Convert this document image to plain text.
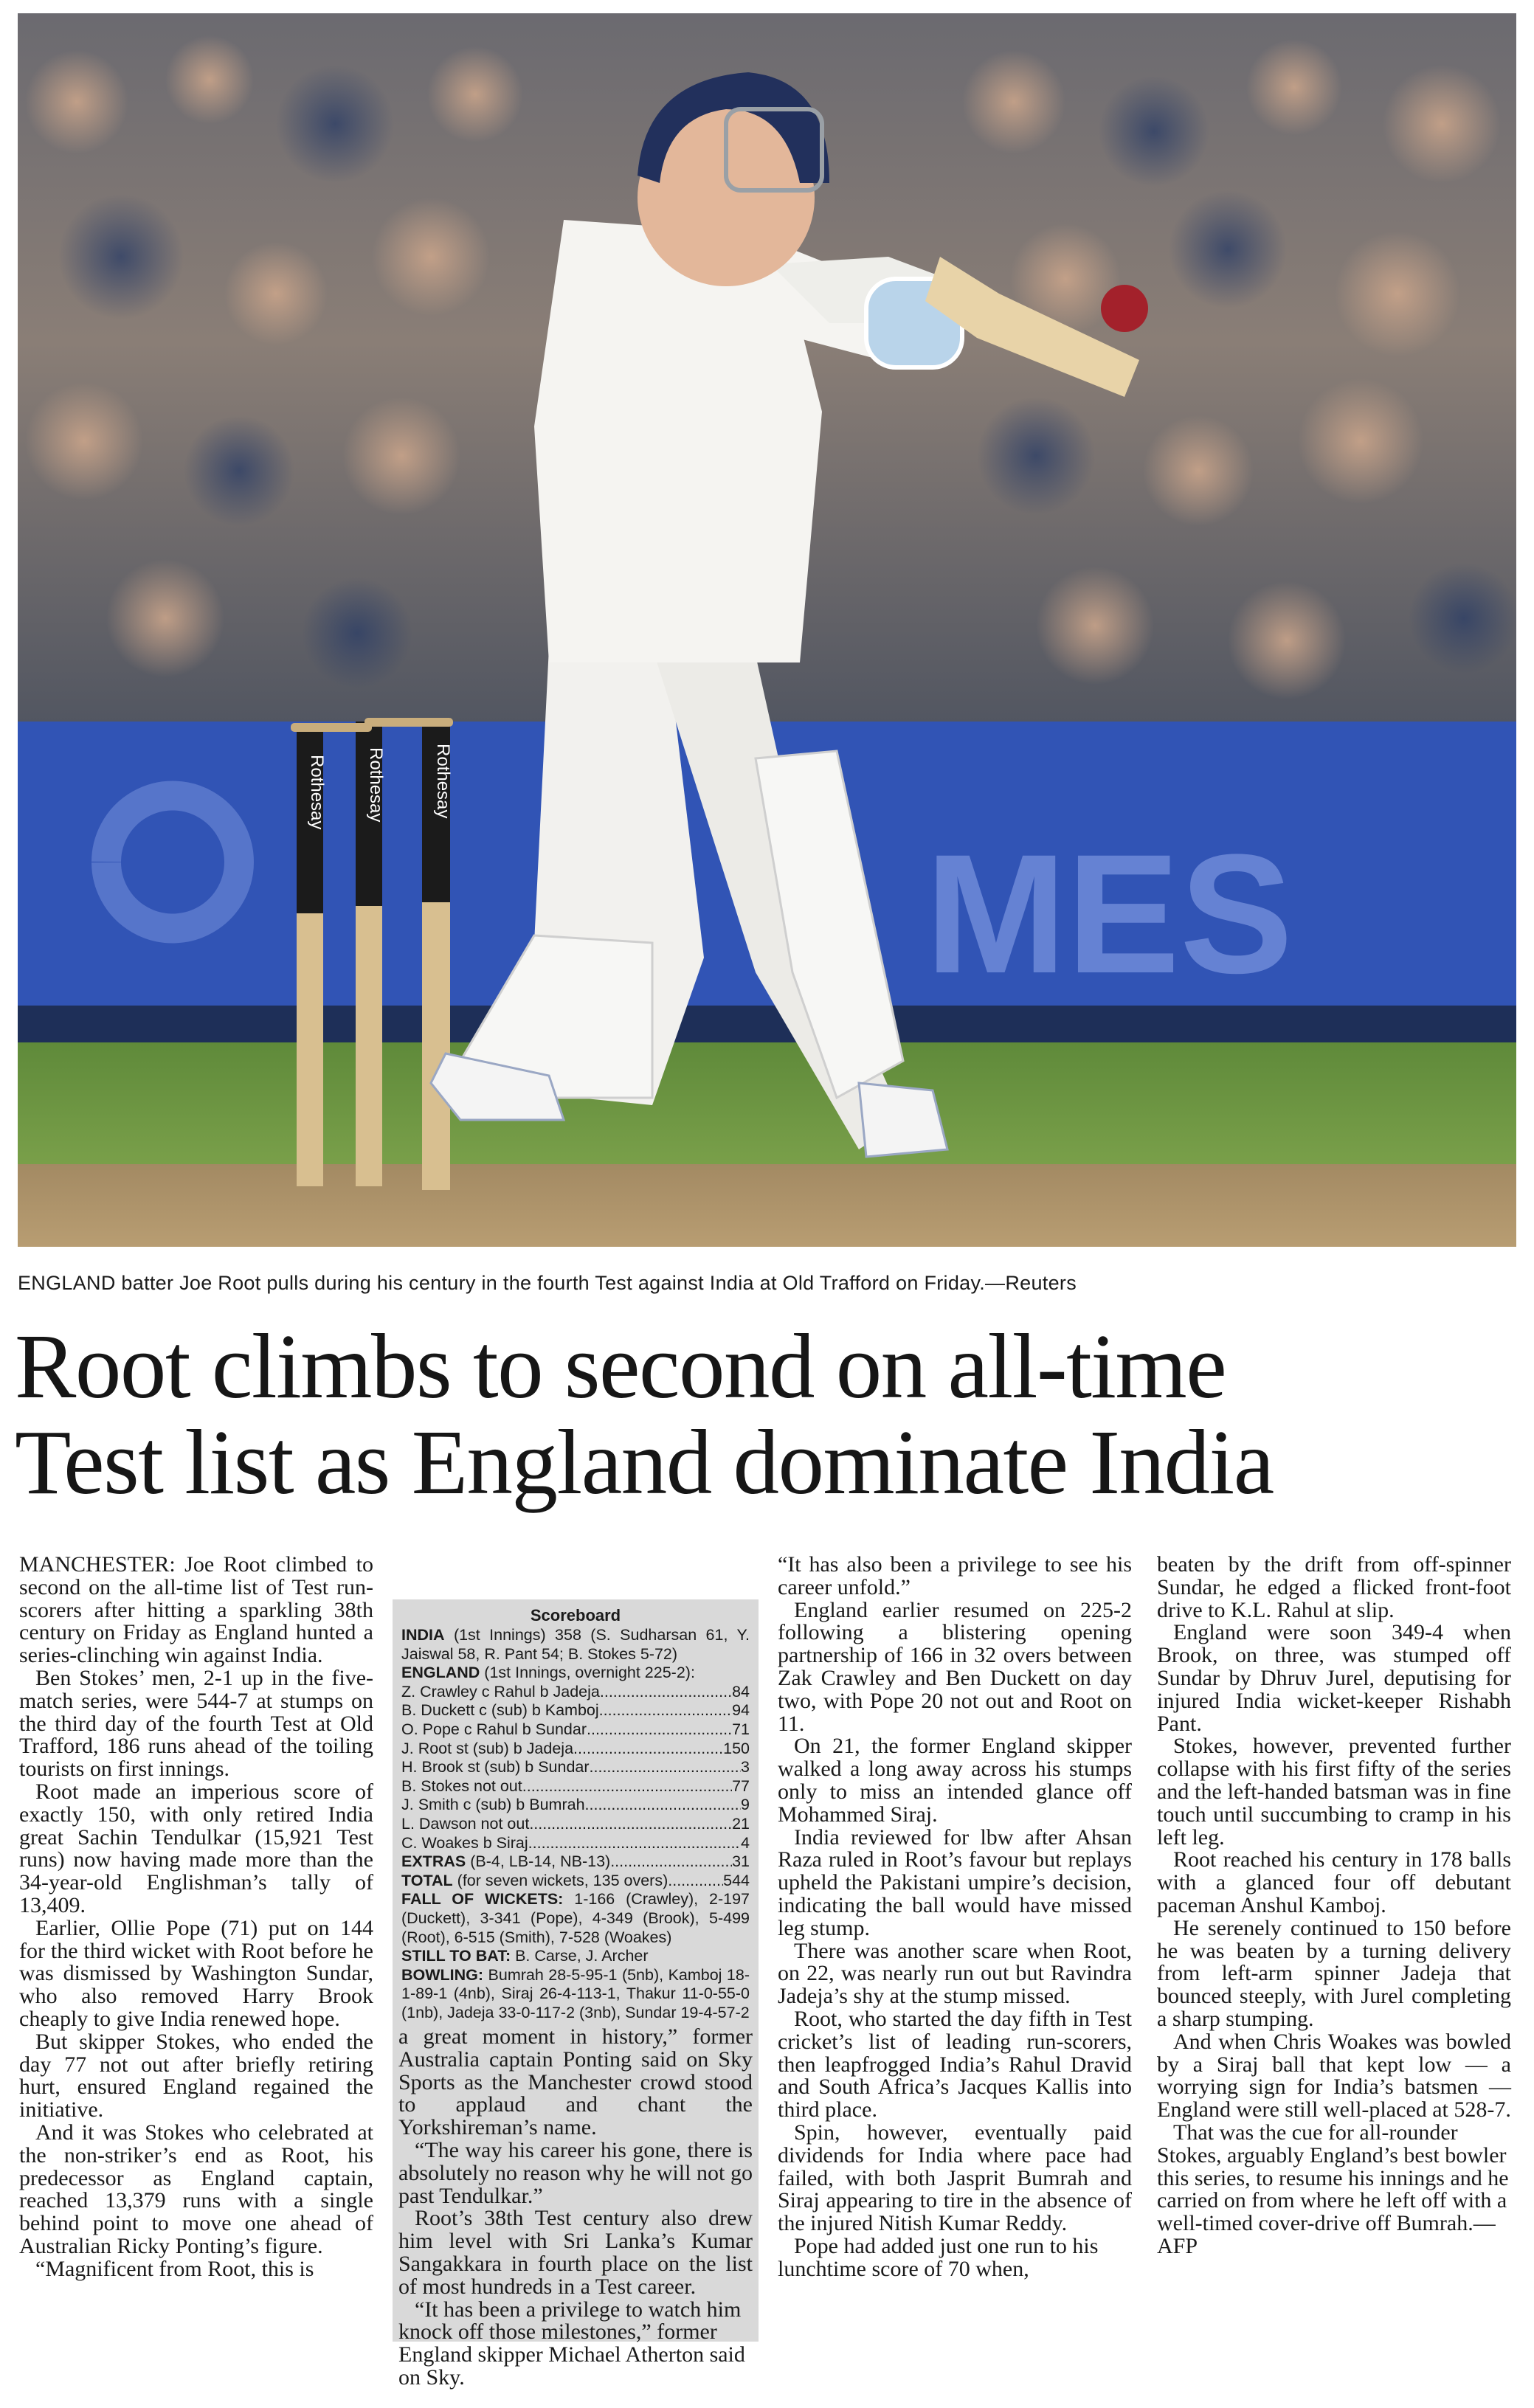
MES
Rothesay Rothesay	Rothesay
ENGLAND batter Joe Root pulls during his century in the fourth Test against India at Old Trafford on Friday.—Reuters
Root climbs to second on all-time
Test list as England dominate India

MANCHESTER: Joe Root climbed to second on the all-time list of Test run-scorers after hitting a sparkling 38th century on Friday as England hunted a series-clinching win against India.

Ben Stokes’ men, 2-1 up in the five-match series, were 544-7 at stumps on the third day of the fourth Test at Old Trafford, 186 runs ahead of the toiling tourists on first innings.

Root made an imperious score of exactly 150, with only retired India great Sachin Tendulkar (15,921 Test runs) now having made more than the 34-year-old Englishman’s tally of 13,409.

Earlier, Ollie Pope (71) put on 144 for the third wicket with Root before he was dismissed by Washington Sundar, who also removed Harry Brook cheaply to give India renewed hope.

But skipper Stokes, who ended the day 77 not out after briefly retiring hurt, ensured England regained the initiative.

And it was Stokes who celebrated at the non-striker’s end as Root, his predecessor as England captain, reached 13,379 runs with a single behind point to move one ahead of Australian Ricky Ponting’s figure.

“Magnificent from Root, this is

Scoreboard
INDIA (1st Innings) 358 (S. Sudharsan 61, Y. Jaiswal 58, R. Pant 54; B. Stokes 5-72)
ENGLAND (1st Innings, overnight 225-2):
Z. Crawley c Rahul b Jadeja .....	84
B. Duckett c (sub) b Kamboj .....	94
O. Pope c Rahul b Sundar .....	71
J. Root st (sub) b Jadeja .....	150
H. Brook st (sub) b Sundar .....	3
B. Stokes not out .....	77
J. Smith c (sub) b Bumrah .....	9
L. Dawson not out .....	21
C. Woakes b Siraj .....	4
EXTRAS (B-4, LB-14, NB-13) .....	31
TOTAL (for seven wickets, 135 overs) .....	544
FALL OF WICKETS: 1-166 (Crawley), 2-197 (Duckett), 3-341 (Pope), 4-349 (Brook), 5-499 (Root), 6-515 (Smith), 7-528 (Woakes)
STILL TO BAT: B. Carse, J. Archer
BOWLING: Bumrah 28-5-95-1 (5nb), Kamboj 18-1-89-1 (4nb), Siraj 26-4-113-1, Thakur 11-0-55-0 (1nb), Jadeja 33-0-117-2 (3nb), Sundar 19-4-57-2

a great moment in history,” former Australia captain Ponting said on Sky Sports as the Manchester crowd stood to applaud and chant the Yorkshireman’s name.

“The way his career his gone, there is absolutely no reason why he will not go past Tendulkar.”

Root’s 38th Test century also drew him level with Sri Lanka’s Kumar Sangakkara in fourth place on the list of most hundreds in a Test career.

“It has been a privilege to watch him knock off those milestones,” former England skipper Michael Atherton said on Sky.

“It has also been a privilege to see his career unfold.”

England earlier resumed on 225-2 following a blistering opening partnership of 166 in 32 overs between Zak Crawley and Ben Duckett on day two, with Pope 20 not out and Root on 11.

On 21, the former England skipper walked a long away across his stumps only to miss an intended glance off Mohammed Siraj.

India reviewed for lbw after Ahsan Raza ruled in Root’s favour but replays upheld the Pakistani umpire’s decision, indicating the ball would have missed leg stump.

There was another scare when Root, on 22, was nearly run out but Ravindra Jadeja’s shy at the stump missed.

Root, who started the day fifth in Test cricket’s list of leading run-scorers, then leapfrogged India’s Rahul Dravid and South Africa’s Jacques Kallis into third place.

Spin, however, eventually paid dividends for India where pace had failed, with both Jasprit Bumrah and Siraj appearing to tire in the absence of the injured Nitish Kumar Reddy.

Pope had added just one run to his lunchtime score of 70 when,

beaten by the drift from off-spinner Sundar, he edged a flicked front-foot drive to K.L. Rahul at slip.

England were soon 349-4 when Brook, on three, was stumped off Sundar by Dhruv Jurel, deputising for injured India wicket-keeper Rishabh Pant.

Stokes, however, prevented further collapse with his first fifty of the series and the left-handed batsman was in fine touch until succumbing to cramp in his left leg.

Root reached his century in 178 balls with a glanced four off debutant paceman Anshul Kamboj.

He serenely continued to 150 before he was beaten by a turning delivery from left-arm spinner Jadeja that bounced steeply, with Jurel completing a sharp stumping.

And when Chris Woakes was bowled by a Siraj ball that kept low — a worrying sign for India’s batsmen — England were still well-placed at 528-7.

That was the cue for all-rounder Stokes, arguably England’s best bowler this series, to resume his innings and he carried on from where he left off with a well-timed cover-drive off Bumrah.—AFP
